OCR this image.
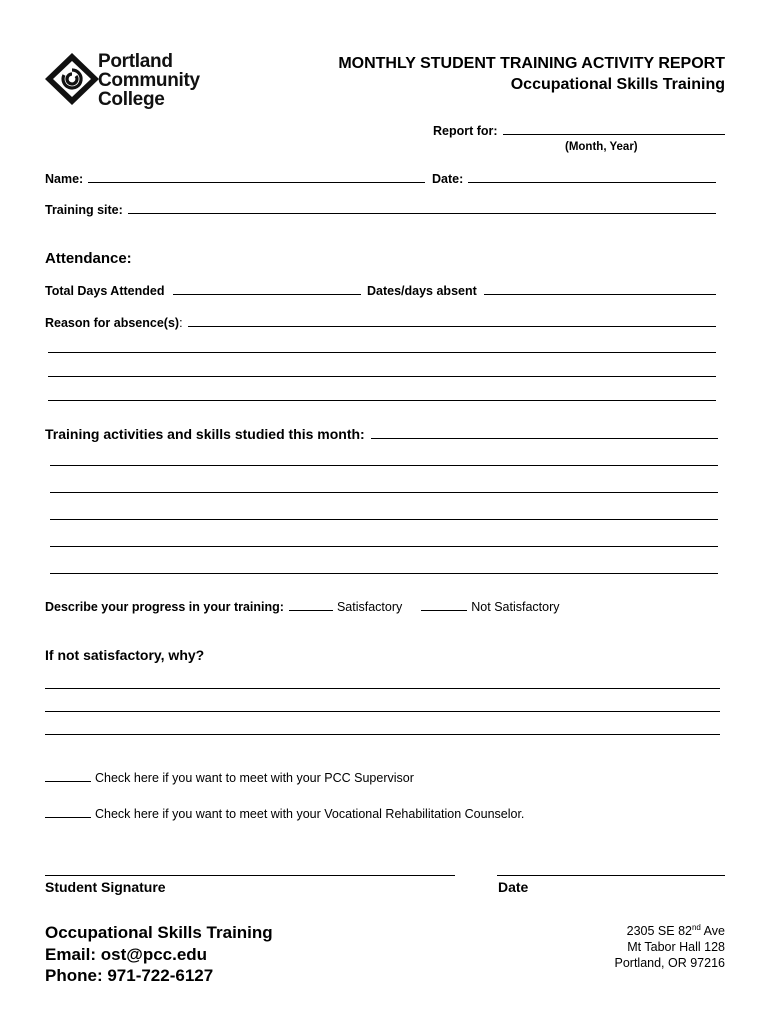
Portland
Community
College
MONTHLY STUDENT TRAINING ACTIVITY REPORT
Occupational Skills Training
Report for:
(Month, Year)
Name:	Date:
Training site:
Attendance:
Total Days Attended	Dates/days absent
Reason for absence(s) :
Training activities and skills studied this month:
Describe your progress in your training:	Satisfactory	Not Satisfactory
If not satisfactory, why?
Check here if you want to meet with your PCC Supervisor
Check here if you want to meet with your Vocational Rehabilitation Counselor.
Student Signature	Date
Occupational Skills Training
Email: ost@pcc.edu
Phone: 971-722-6127
2305 SE 82nd Ave
Mt Tabor Hall 128
Portland, OR 97216
